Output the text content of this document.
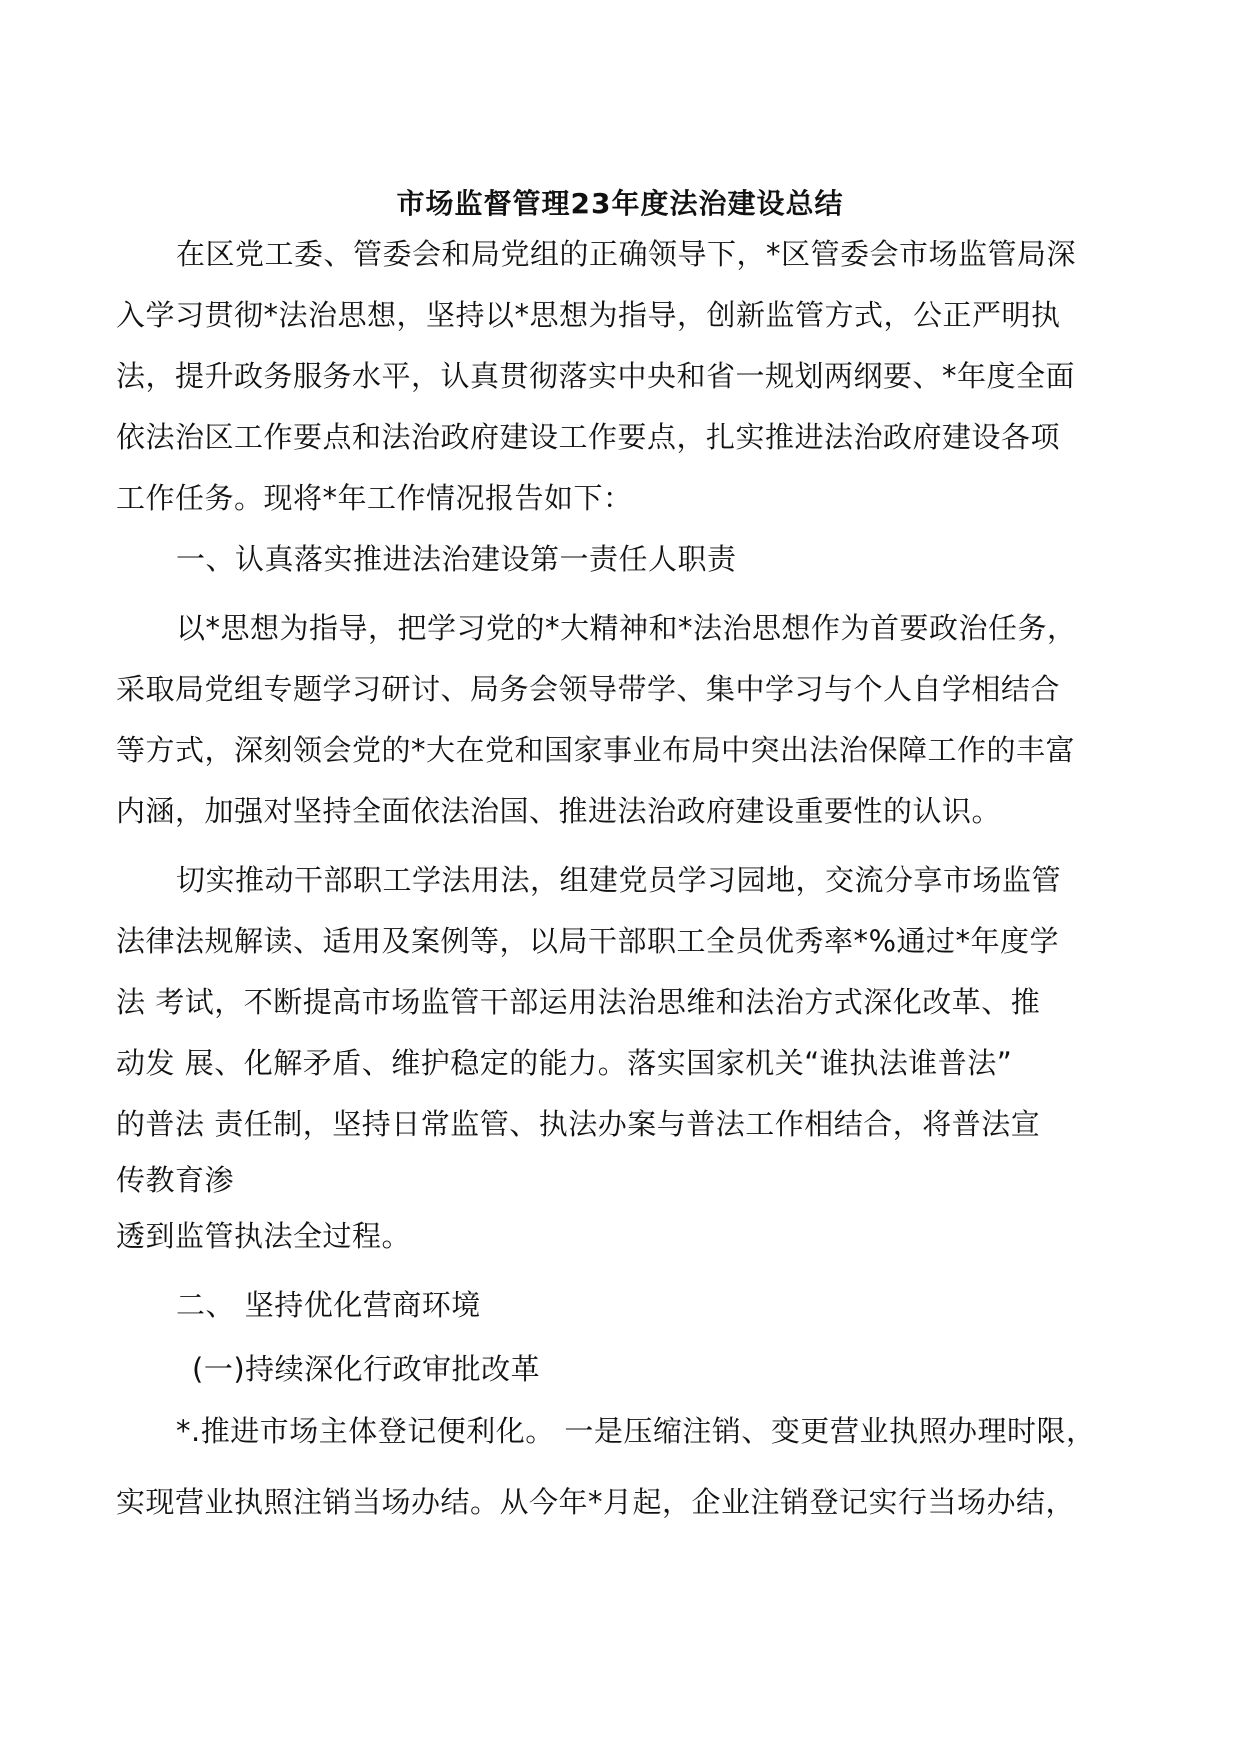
市场监督管理23年度法治建设总结
在区党工委、管委会和局党组的正确领导下，*区管委会市场监管局深
入学习贯彻*法治思想，坚持以*思想为指导，创新监管方式，公正严明执
法，提升政务服务水平，认真贯彻落实中央和省一规划两纲要、*年度全面
依法治区工作要点和法治政府建设工作要点，扎实推进法治政府建设各项
工作任务。现将*年工作情况报告如下：
一、认真落实推进法治建设第一责任人职责
以*思想为指导，把学习党的*大精神和*法治思想作为首要政治任务，
采取局党组专题学习研讨、局务会领导带学、集中学习与个人自学相结合
等方式，深刻领会党的*大在党和国家事业布局中突出法治保障工作的丰富
内涵，加强对坚持全面依法治国、推进法治政府建设重要性的认识。
切实推动干部职工学法用法，组建党员学习园地，交流分享市场监管
法律法规解读、适用及案例等，以局干部职工全员优秀率*%通过*年度学
法 考试，不断提高市场监管干部运用法治思维和法治方式深化改革、推
动发 展、化解矛盾、维护稳定的能力。落实国家机关“谁执法谁普法”
的普法 责任制，坚持日常监管、执法办案与普法工作相结合，将普法宣
传教育渗
透到监管执法全过程。
二、 坚持优化营商环境
(一)持续深化行政审批改革
*.推进市场主体登记便利化。 一是压缩注销、变更营业执照办理时限，
实现营业执照注销当场办结。从今年*月起，企业注销登记实行当场办结，
